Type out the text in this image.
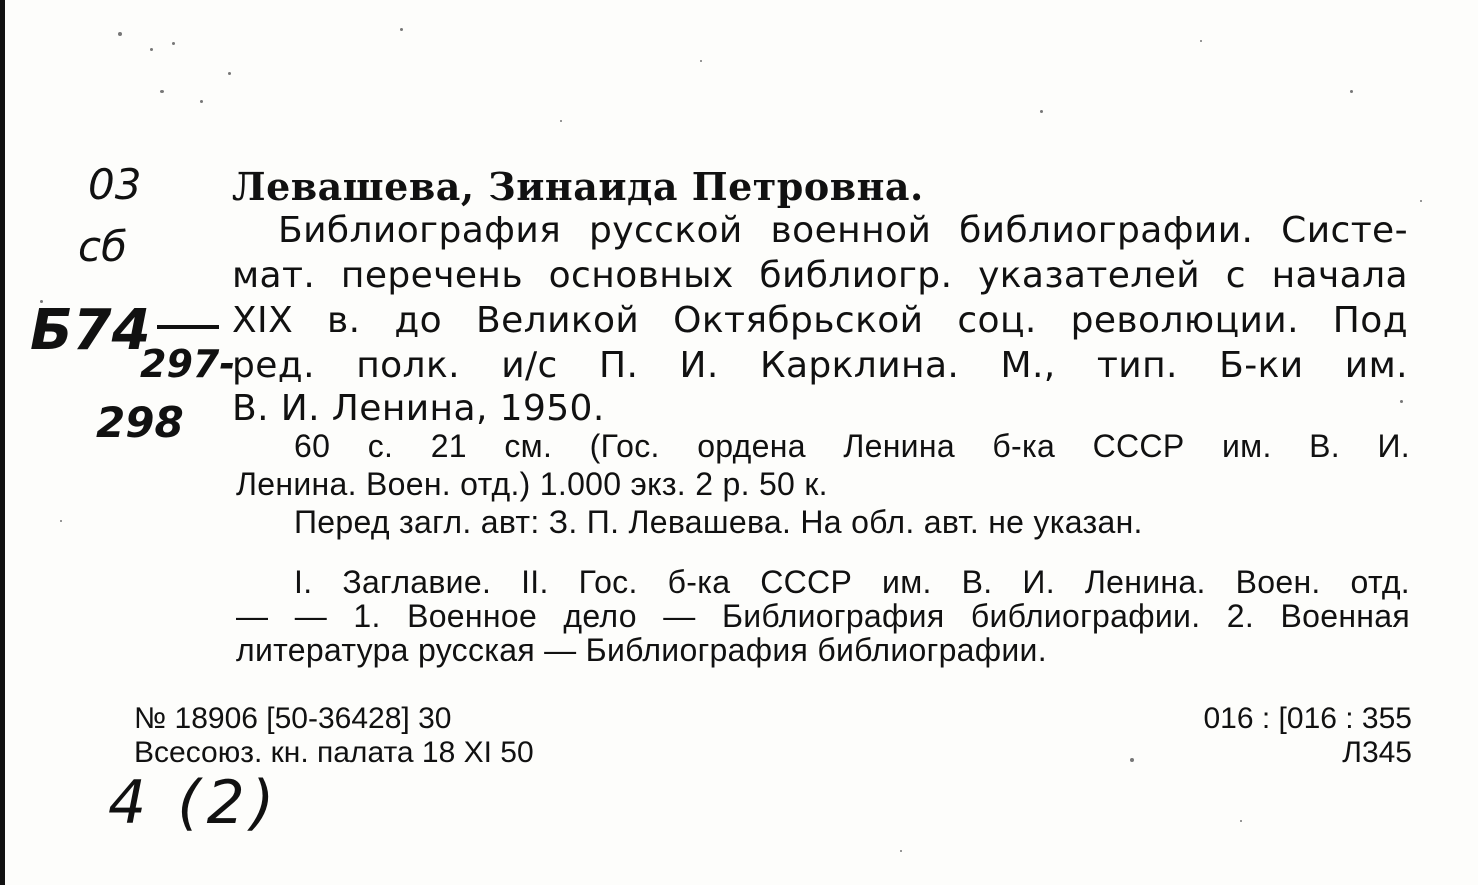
03
сб
Б74
297-
298
4 (2)
Левашева, Зинаида Петровна.
Библиография русской военной библиографии. Систе-
мат. перечень основных библиогр. указателей с начала
XIX в. до Великой Октябрьской соц. революции. Под
ред. полк. и/с П. И. Карклина. М., тип. Б-ки им.
В. И. Ленина, 1950.
60 с. 21 см. (Гос. ордена Ленина б-ка СССР им. В. И.
Ленина. Воен. отд.) 1.000 экз. 2 р. 50 к.
Перед загл. авт: З. П. Левашева. На обл. авт. не указан.
I. Заглавие. II. Гос. б-ка СССР им. В. И. Ленина. Воен. отд.
— — 1. Военное дело — Библиография библиографии. 2. Военная
литература русская — Библиография библиографии.
№ 18906 [50-36428] 30
Всесоюз. кн. палата 18 XI 50
016 : [016 : 355
Л345
